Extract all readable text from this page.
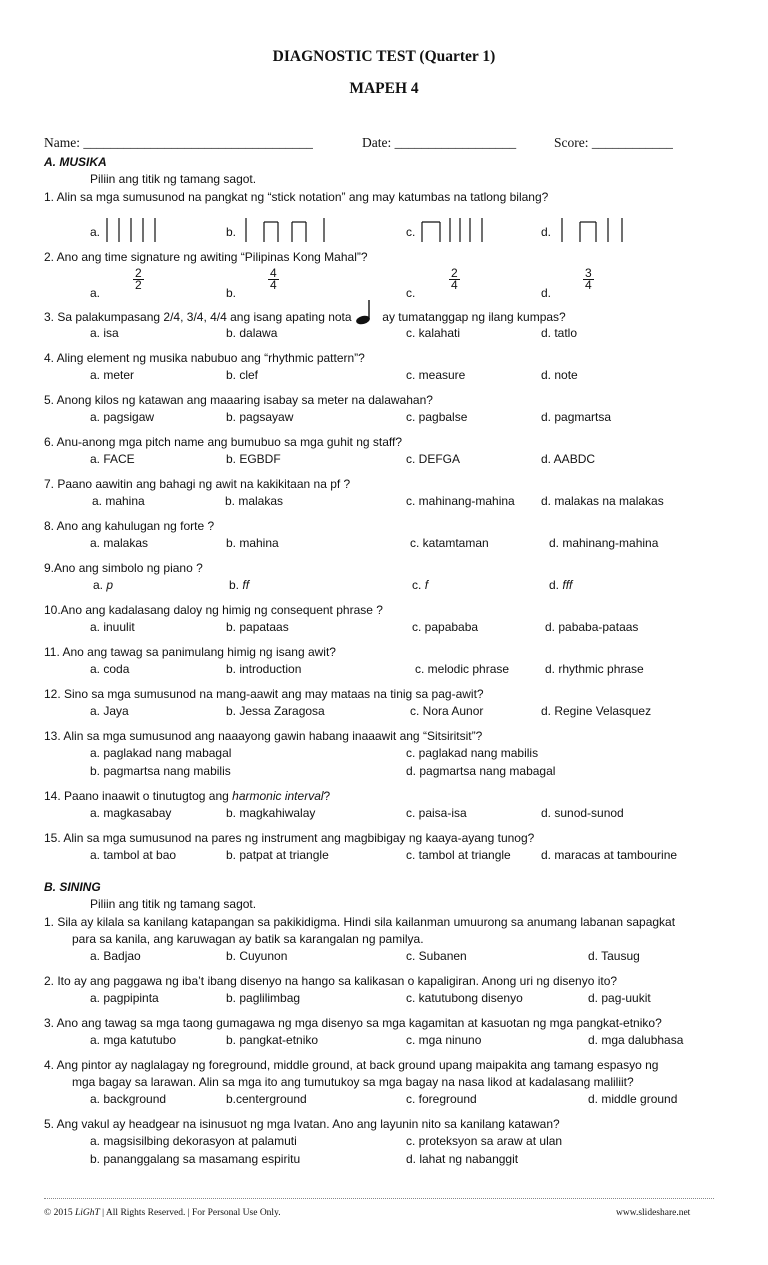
DIAGNOSTIC TEST (Quarter 1)
MAPEH 4
Name: __________________________________	Date: __________________	Score: ____________
A. MUSIKA
Piliin ang titik ng tamang sagot.
1. Alin sa mga sumusunod na pangkat ng “stick notation” ang may katumbas na tatlong bilang?
a.	b.	c.	d.
2. Ano ang time signature ng awiting “Pilipinas Kong Mahal”?
a.
$\frac{2}{2}$
b.
$\frac{4}{4}$
c.
$\frac{2}{4}$
d.
$\frac{3}{4}$
3. Sa palakumpasang 2/4, 3/4, 4/4 ang isang apating nota	ay tumatanggap ng ilang kumpas?
a. isa	b. dalawa	c. kalahati	d. tatlo
4. Aling element ng musika nabubuo ang “rhythmic pattern”?
a. meter	b. clef	c. measure	d. note
5. Anong kilos ng katawan ang maaaring isabay sa meter na dalawahan?
a. pagsigaw	b. pagsayaw	c. pagbalse	d. pagmartsa
6. Anu-anong mga pitch name ang bumubuo sa mga guhit ng staff?
a. FACE	b. EGBDF	c. DEFGA	d. AABDC
7. Paano aawitin ang bahagi ng awit na kakikitaan na pf ?
a. mahina	b. malakas	c. mahinang-mahina d. malakas na malakas
8. Ano ang kahulugan ng forte ?
a. malakas	b. mahina	c. katamtaman	d. mahinang-mahina
9.Ano ang simbolo ng piano ?
a. p	b. ff	c. f	d. fff
10.Ano ang kadalasang daloy ng himig ng consequent phrase ?
a. inuulit	b. papataas	c. papababa	d. pababa-pataas
11. Ano ang tawag sa panimulang himig ng isang awit?
a. coda	b. introduction	c. melodic phrase	d. rhythmic phrase
12. Sino sa mga sumusunod na mang-aawit ang may mataas na tinig sa pag-awit?
a. Jaya	b. Jessa Zaragosa	c. Nora Aunor	d. Regine Velasquez
13. Alin sa mga sumusunod ang naaayong gawin habang inaaawit ang “Sitsiritsit”?
a. paglakad nang mabagal	c. paglakad nang mabilis
b. pagmartsa nang mabilis	d. pagmartsa nang mabagal
14. Paano inaawit o tinutugtog ang harmonic interval?
a. magkasabay	b. magkahiwalay	c. paisa-isa	d. sunod-sunod
15. Alin sa mga sumusunod na pares ng instrument ang magbibigay ng kaaya-ayang tunog?
a. tambol at bao	b. patpat at triangle	c. tambol at triangle	d. maracas at tambourine
B. SINING
Piliin ang titik ng tamang sagot.
1. Sila ay kilala sa kanilang katapangan sa pakikidigma. Hindi sila kailanman umuurong sa anumang labanan sapagkat
para sa kanila, ang karuwagan ay batik sa karangalan ng pamilya.
a. Badjao	b. Cuyunon	c. Subanen	d. Tausug
2. Ito ay ang paggawa ng iba’t ibang disenyo na hango sa kalikasan o kapaligiran. Anong uri ng disenyo ito?
a. pagpipinta	b. paglilimbag	c. katutubong disenyo	d. pag-uukit
3. Ano ang tawag sa mga taong gumagawa ng mga disenyo sa mga kagamitan at kasuotan ng mga pangkat-etniko?
a. mga katutubo	b. pangkat-etniko	c. mga ninuno	d. mga dalubhasa
4. Ang pintor ay naglalagay ng foreground, middle ground, at back ground upang maipakita ang tamang espasyo ng
mga bagay sa larawan. Alin sa mga ito ang tumutukoy sa mga bagay na nasa likod at kadalasang maliliit?
a. background	b.centerground	c. foreground	d. middle ground
5. Ang vakul ay headgear na isinusuot ng mga Ivatan. Ano ang layunin nito sa kanilang katawan?
a. magsisilbing dekorasyon at palamuti	c. proteksyon sa araw at ulan
b. pananggalang sa masamang espiritu	d. lahat ng nabanggit
© 2015 LiGhT | All Rights Reserved. | For Personal Use Only.	www.slideshare.net
